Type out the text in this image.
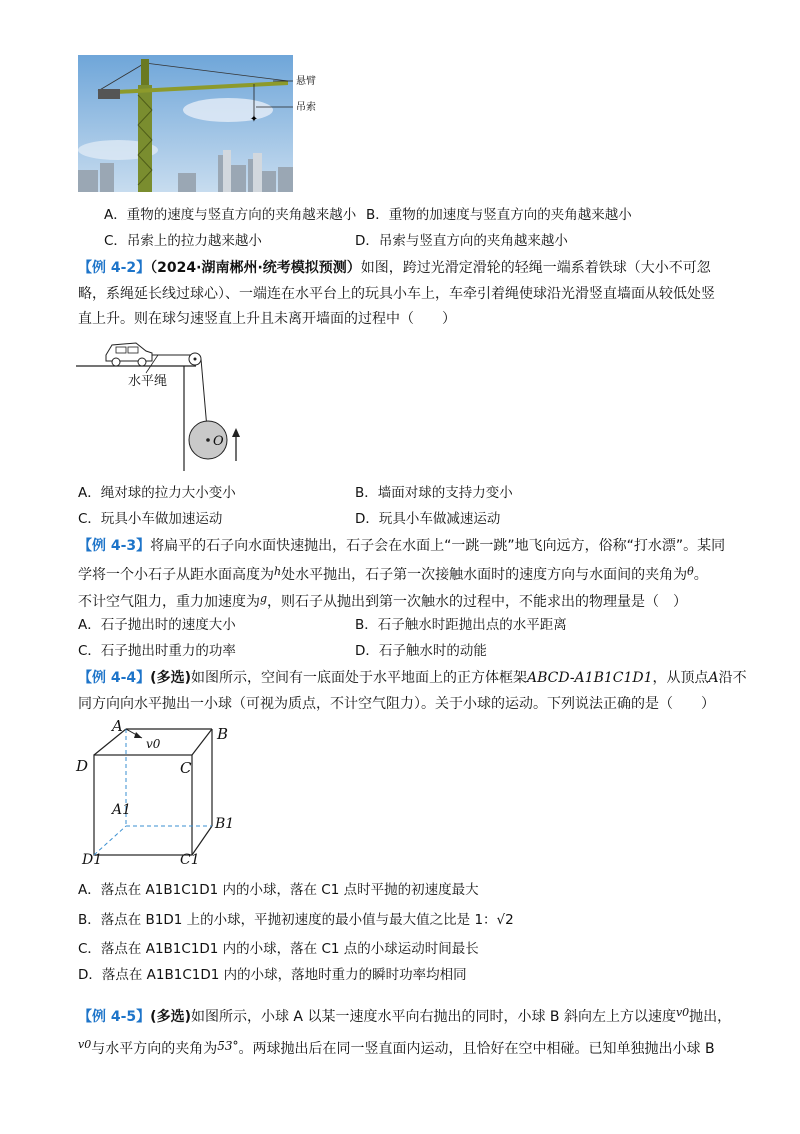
✦
悬臂
吊索
A．重物的速度与竖直方向的夹角越来越小 B．重物的加速度与竖直方向的夹角越来越小
C．吊索上的拉力越来越小	D．吊索与竖直方向的夹角越来越小
【例 4-2】（2024·湖南郴州·统考模拟预测）如图，跨过光滑定滑轮的轻绳一端系着铁球（大小不可忽
略，系绳延长线过球心）、一端连在水平台上的玩具小车上，车牵引着绳使球沿光滑竖直墙面从较低处竖
直上升。则在球匀速竖直上升且未离开墙面的过程中（　　）
水平绳
O
A．绳对球的拉力大小变小	B．墙面对球的支持力变小
C．玩具小车做加速运动	D．玩具小车做减速运动
【例 4-3】将扁平的石子向水面快速抛出，石子会在水面上“一跳一跳”地飞向远方，俗称“打水漂”。某同
学将一个小石子从距水面高度为$^h$处水平抛出，石子第一次接触水面时的速度方向与水面间的夹角为$^\theta$。
不计空气阻力，重力加速度为$^g$，则石子从抛出到第一次触水的过程中，不能求出的物理量是（　）
A．石子抛出时的速度大小	B．石子触水时距抛出点的水平距离
C．石子抛出时重力的功率	D．石子触水时的动能
【例 4-4】(多选)如图所示，空间有一底面处于水平地面上的正方体框架ABCD-A1B1C1D1，从顶点A沿不
同方向向水平抛出一小球（可视为质点，不计空气阻力）。关于小球的运动。下列说法正确的是（　　）
A
v0
B
D	C
A1
B1
D1	C1
A．落点在 A1B1C1D1 内的小球，落在 C1 点时平抛的初速度最大
B．落点在 B1D1 上的小球，平抛初速度的最小值与最大值之比是 1：√2
C．落点在 A1B1C1D1 内的小球，落在 C1 点的小球运动时间最长
D．落点在 A1B1C1D1 内的小球，落地时重力的瞬时功率均相同
【例 4-5】(多选)如图所示，小球 A 以某一速度水平向右抛出的同时，小球 B 斜向左上方以速度$^{v0}$抛出，
$^{v0}$与水平方向的夹角为53°。两球抛出后在同一竖直面内运动，且恰好在空中相碰。已知单独抛出小球 B
